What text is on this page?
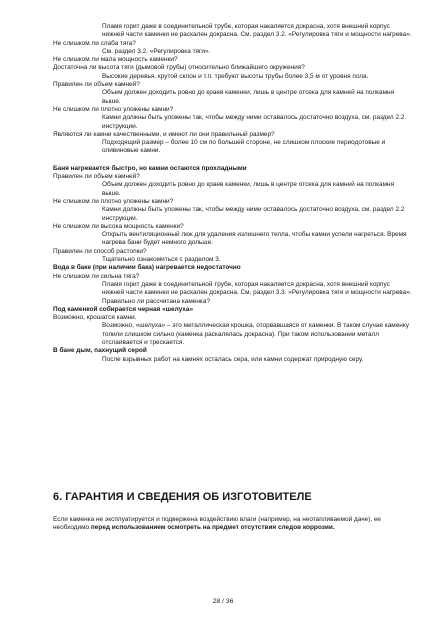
Пламя горит даже в соединительной трубе, которая накаляется докрасна, хотя внешний корпус нижней части каменки не раскален докрасна. См. раздел 3.2. «Регулировка тяги и мощности нагрева».

Не слишком ли слаба тяга?

См. раздел 3.2. «Регулировка тяги».

Не слишком ли мала мощность каменки?

Достаточна ли высота тяги (дымовой трубы) относительно ближайшего окружения?

Высокие деревья, крутой склон и т.п. требуют высоты трубы более 3,5 м от уровня пола.

Правилен ли объем камней?

Объем должен доходить ровно до краев каменки, лишь в центре отсека для камней на полкамня выше.

Не слишком ли плотно уложены камни?

Камни должны быть уложены так, чтобы между ними оставалось достаточно воздуха, см. раздел 2.2. инструкции.

Являются ли камни качественными, и имеют ли они правильный размер?

Подходящий размер – более 10 см по большей стороне, не слишком плоские периодотовые и оливиновые камни.

Баня нагревается быстро, но камни остаются прохладными

Правилен ли объем камней?

Объем должен доходить ровно до краев каменки, лишь в центре отсека для камней на полкамня выше.

Не слишком ли плотно уложены камни?

Камни должны быть уложены так, чтобы между ними оставалось достаточно воздуха, см. раздел 2.2 инструкции.

Не слишком ли высока мощность каменки?

Открыть вентиляционный люк для удаления излишнего тепла, чтобы камни успели нагреться. Время нагрева бани будет немного дольше.

Правилен ли способ растопки?

Тщательно ознакомиться с разделом 3.

Вода в баке (при наличии бака) нагревается недостаточно

Не слишком ли сильна тяга?

Пламя горит даже в соединительной трубе, которая накаляется докрасна, хотя внешний корпус нижней части каменки не раскален докрасна. См. раздел 3.3. «Регулировка тяги и мощности нагрева». Правильно ли рассчитана каменка?

Под каменкой собирается черная «шелуха»

Возможно, крошатся камни.

Возможно, «шелуха» – это металлическая крошка, оторвавшаяся от каменки. В таком случае каменку топили слишком сильно (каменка раскалялась докрасна). При таком использовании металл отслаивается и трескается.

В бане дым, пахнущий серой

После взрывных работ на камнях осталась сера, или камни содержат природную серу.

6. ГАРАНТИЯ И СВЕДЕНИЯ ОБ ИЗГОТОВИТЕЛЕ

Если каменка не эксплуатируется и подвержена воздействию влаги (например, на неотапливаемой даче), ее необходимо перед использованием осмотреть на предмет отсутствия следов коррозии.

28 / 36
